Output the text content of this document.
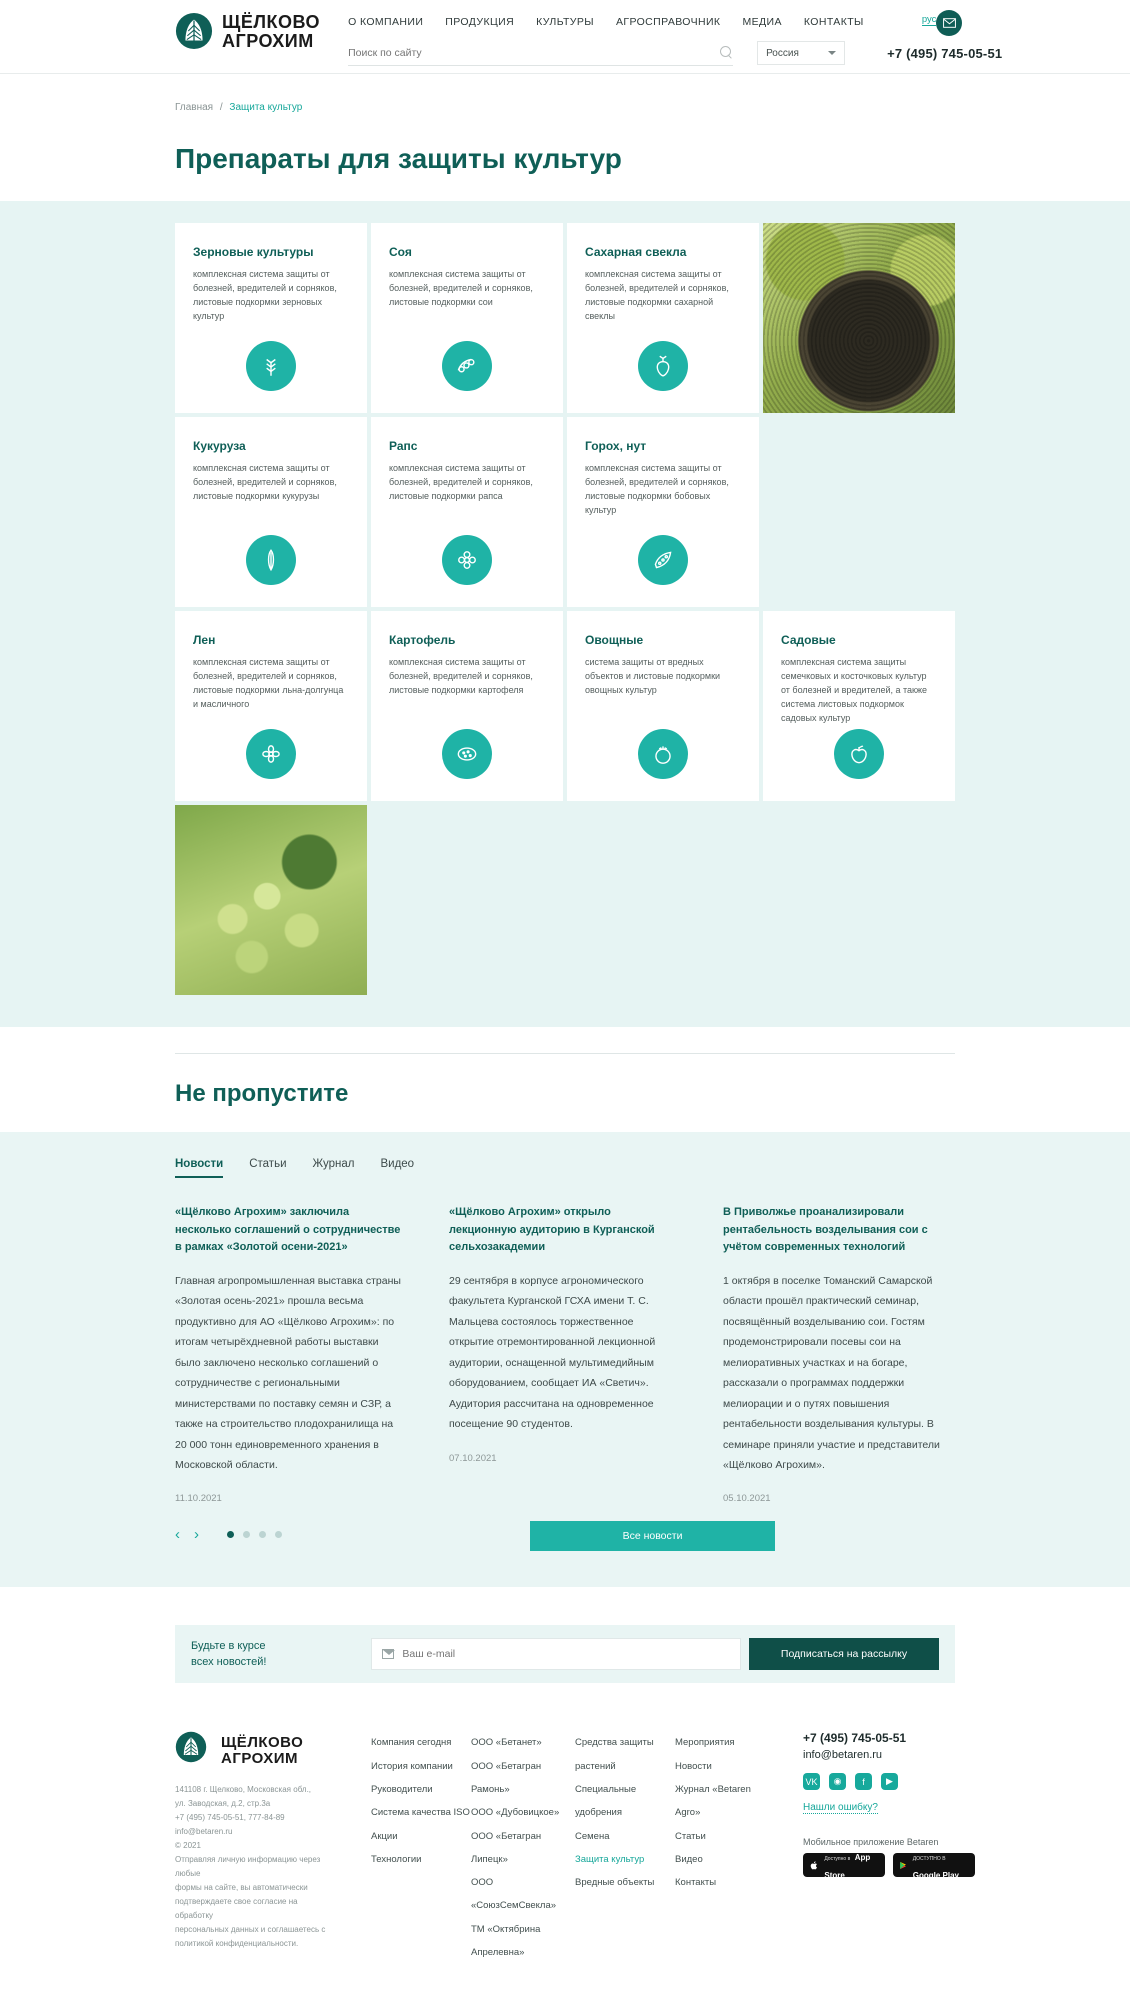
ЩЁЛКОВО
АГРОХИМ
О КОМПАНИИ ПРОДУКЦИЯ КУЛЬТУРЫ АГРОСПРАВОЧНИК МЕДИА КОНТАКТЫ
Поиск по сайту
Россия	+7 (495) 745-05-51
рус
Главная / Защита культур
Препараты для защиты культур
Зерновые культуры

комплексная система защиты от болезней, вредителей и сорняков, листовые подкормки зерновых культур

Соя

комплексная система защиты от болезней, вредителей и сорняков, листовые подкормки сои

Сахарная свекла

комплексная система защиты от болезней, вредителей и сорняков, листовые подкормки сахарной свеклы

Кукуруза

комплексная система защиты от болезней, вредителей и сорняков, листовые подкормки кукурузы

Рапс

комплексная система защиты от болезней, вредителей и сорняков, листовые подкормки рапса

Горох, нут

комплексная система защиты от болезней, вредителей и сорняков, листовые подкормки бобовых культур

Лен

комплексная система защиты от болезней, вредителей и сорняков, листовые подкормки льна-долгунца и масличного

Картофель

комплексная система защиты от болезней, вредителей и сорняков, листовые подкормки картофеля

Овощные

система защиты от вредных объектов и листовые подкормки овощных культур

Садовые

комплексная система защиты семечковых и косточковых культур от болезней и вредителей, а также система листовых подкормок садовых культур

Не пропустите
Новости Статьи Журнал Видео
«Щёлково Агрохим» заключила несколько соглашений о сотрудничестве в рамках «Золотой осени-2021»

Главная агропромышленная выставка страны «Золотая осень-2021» прошла весьма продуктивно для АО «Щёлково Агрохим»: по итогам четырёхдневной работы выставки было заключено несколько соглашений о сотрудничестве с региональными министерствами по поставку семян и СЗР, а также на строительство плодохранилища на 20 000 тонн единовременного хранения в Московской области.

11.10.2021
«Щёлково Агрохим» открыло лекционную аудиторию в Курганской сельхозакадемии

29 сентября в корпусе агрономического факультета Курганской ГСХА имени Т. С. Мальцева состоялось торжественное открытие отремонтированной лекционной аудитории, оснащенной мультимедийным оборудованием, сообщает ИА «Светич». Аудитория рассчитана на одновременное посещение 90 студентов.

07.10.2021
В Приволжье проанализировали рентабельность возделывания сои с учётом современных технологий

1 октября в поселке Томанский Самарской области прошёл практический семинар, посвящённый возделыванию сои. Гостям продемонстрировали посевы сои на мелиоративных участках и на богаре, рассказали о программах поддержки мелиорации и о путях повышения рентабельности возделывания культуры. В семинаре приняли участие и представители «Щёлково Агрохим».

05.10.2021
‹ ›	Все новости
Будьте в курсе
всех новостей!
Ваш e-mail
Подписаться на рассылку
ЩЁЛКОВО
АГРОХИМ
141108 г. Щелково, Московская обл.,
ул. Заводская, д.2, стр.3а
+7 (495) 745-05-51, 777-84-89
info@betaren.ru
© 2021
Отправляя личную информацию через любые
формы на сайте, вы автоматически
подтверждаете свое согласие на обработку
персональных данных и соглашаетесь с
политикой конфиденциальности.
Компания сегодня
История компании
Руководители
Система качества ISO
Акции
Технологии
ООО «Бетанет»
ООО «Бетагран Рамонь»
ООО «Дубовицкое»
ООО «Бетагран Липецк»
ООО «СоюзСемСвекла»
ТМ «Октябрина Апрелевна»
Средства защиты растений
Специальные удобрения
Семена
Защита культур
Вредные объекты
Мероприятия
Новости
Журнал «Betaren Agro»
Статьи
Видео
Контакты
+7 (495) 745-05-51
info@betaren.ru
VK	◉	f	▶
Нашли ошибку?
Мобильное приложение Betaren
Доступно в App Store
ДОСТУПНО В Google Play
